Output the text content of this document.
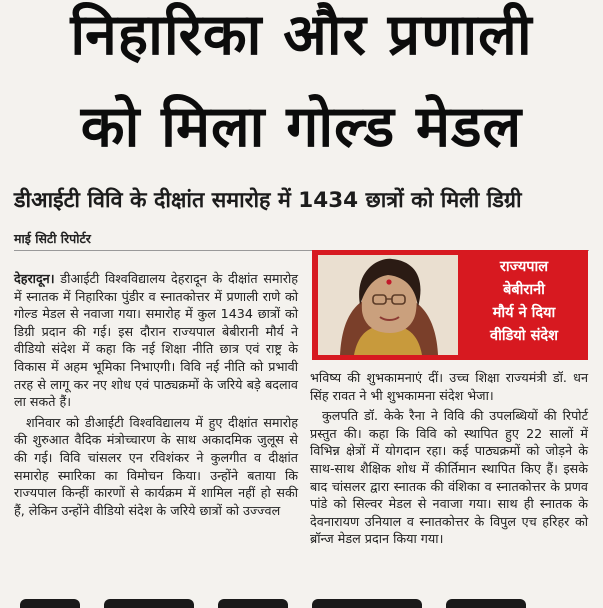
निहारिका और प्रणाली
को मिला गोल्ड मेडल
डीआईटी विवि के दीक्षांत समारोह में 1434 छात्रों को मिली डिग्री
माई सिटी रिपोर्टर

देहरादून। डीआईटी विश्वविद्यालय देहरादून के दीक्षांत समारोह में स्नातक में निहारिका पुंडीर व स्नातकोत्तर में प्रणाली राणे को गोल्ड मेडल से नवाजा गया। समारोह में कुल 1434 छात्रों को डिग्री प्रदान की गई। इस दौरान राज्यपाल बेबीरानी मौर्य ने वीडियो संदेश में कहा कि नई शिक्षा नीति छात्र एवं राष्ट्र के विकास में अहम भूमिका निभाएगी। विवि नई नीति को प्रभावी तरह से लागू कर नए शोध एवं पाठ्यक्रमों के जरिये बड़े बदलाव ला सकते हैं।

शनिवार को डीआईटी विश्वविद्यालय में हुए दीक्षांत समारोह की शुरुआत वैदिक मंत्रोच्चारण के साथ अकादमिक जुलूस से की गई। विवि चांसलर एन रविशंकर ने कुलगीत व दीक्षांत समारोह स्मारिका का विमोचन किया। उन्होंने बताया कि राज्यपाल किन्हीं कारणों से कार्यक्रम में शामिल नहीं हो सकी हैं, लेकिन उन्होंने वीडियो संदेश के जरिये छात्रों को उज्ज्वल

राज्यपाल
बेबीरानी
मौर्य ने दिया
वीडियो संदेश

भविष्य की शुभकामनाएं दीं। उच्च शिक्षा राज्यमंत्री डॉ. धन सिंह रावत ने भी शुभकामना संदेश भेजा।

कुलपति डॉ. केके रैना ने विवि की उपलब्धियों की रिपोर्ट प्रस्तुत की। कहा कि विवि को स्थापित हुए 22 सालों में विभिन्न क्षेत्रों में योगदान रहा। कई पाठ्यक्रमों को जोड़ने के साथ-साथ शैक्षिक शोध में कीर्तिमान स्थापित किए हैं। इसके बाद चांसलर द्वारा स्नातक की वंशिका व स्नातकोत्तर के प्रणव पांडे को सिल्वर मेडल से नवाजा गया। साथ ही स्नातक के देवनारायण उनियाल व स्नातकोत्तर के विपुल एच हरिहर को ब्रॉन्ज मेडल प्रदान किया गया।
